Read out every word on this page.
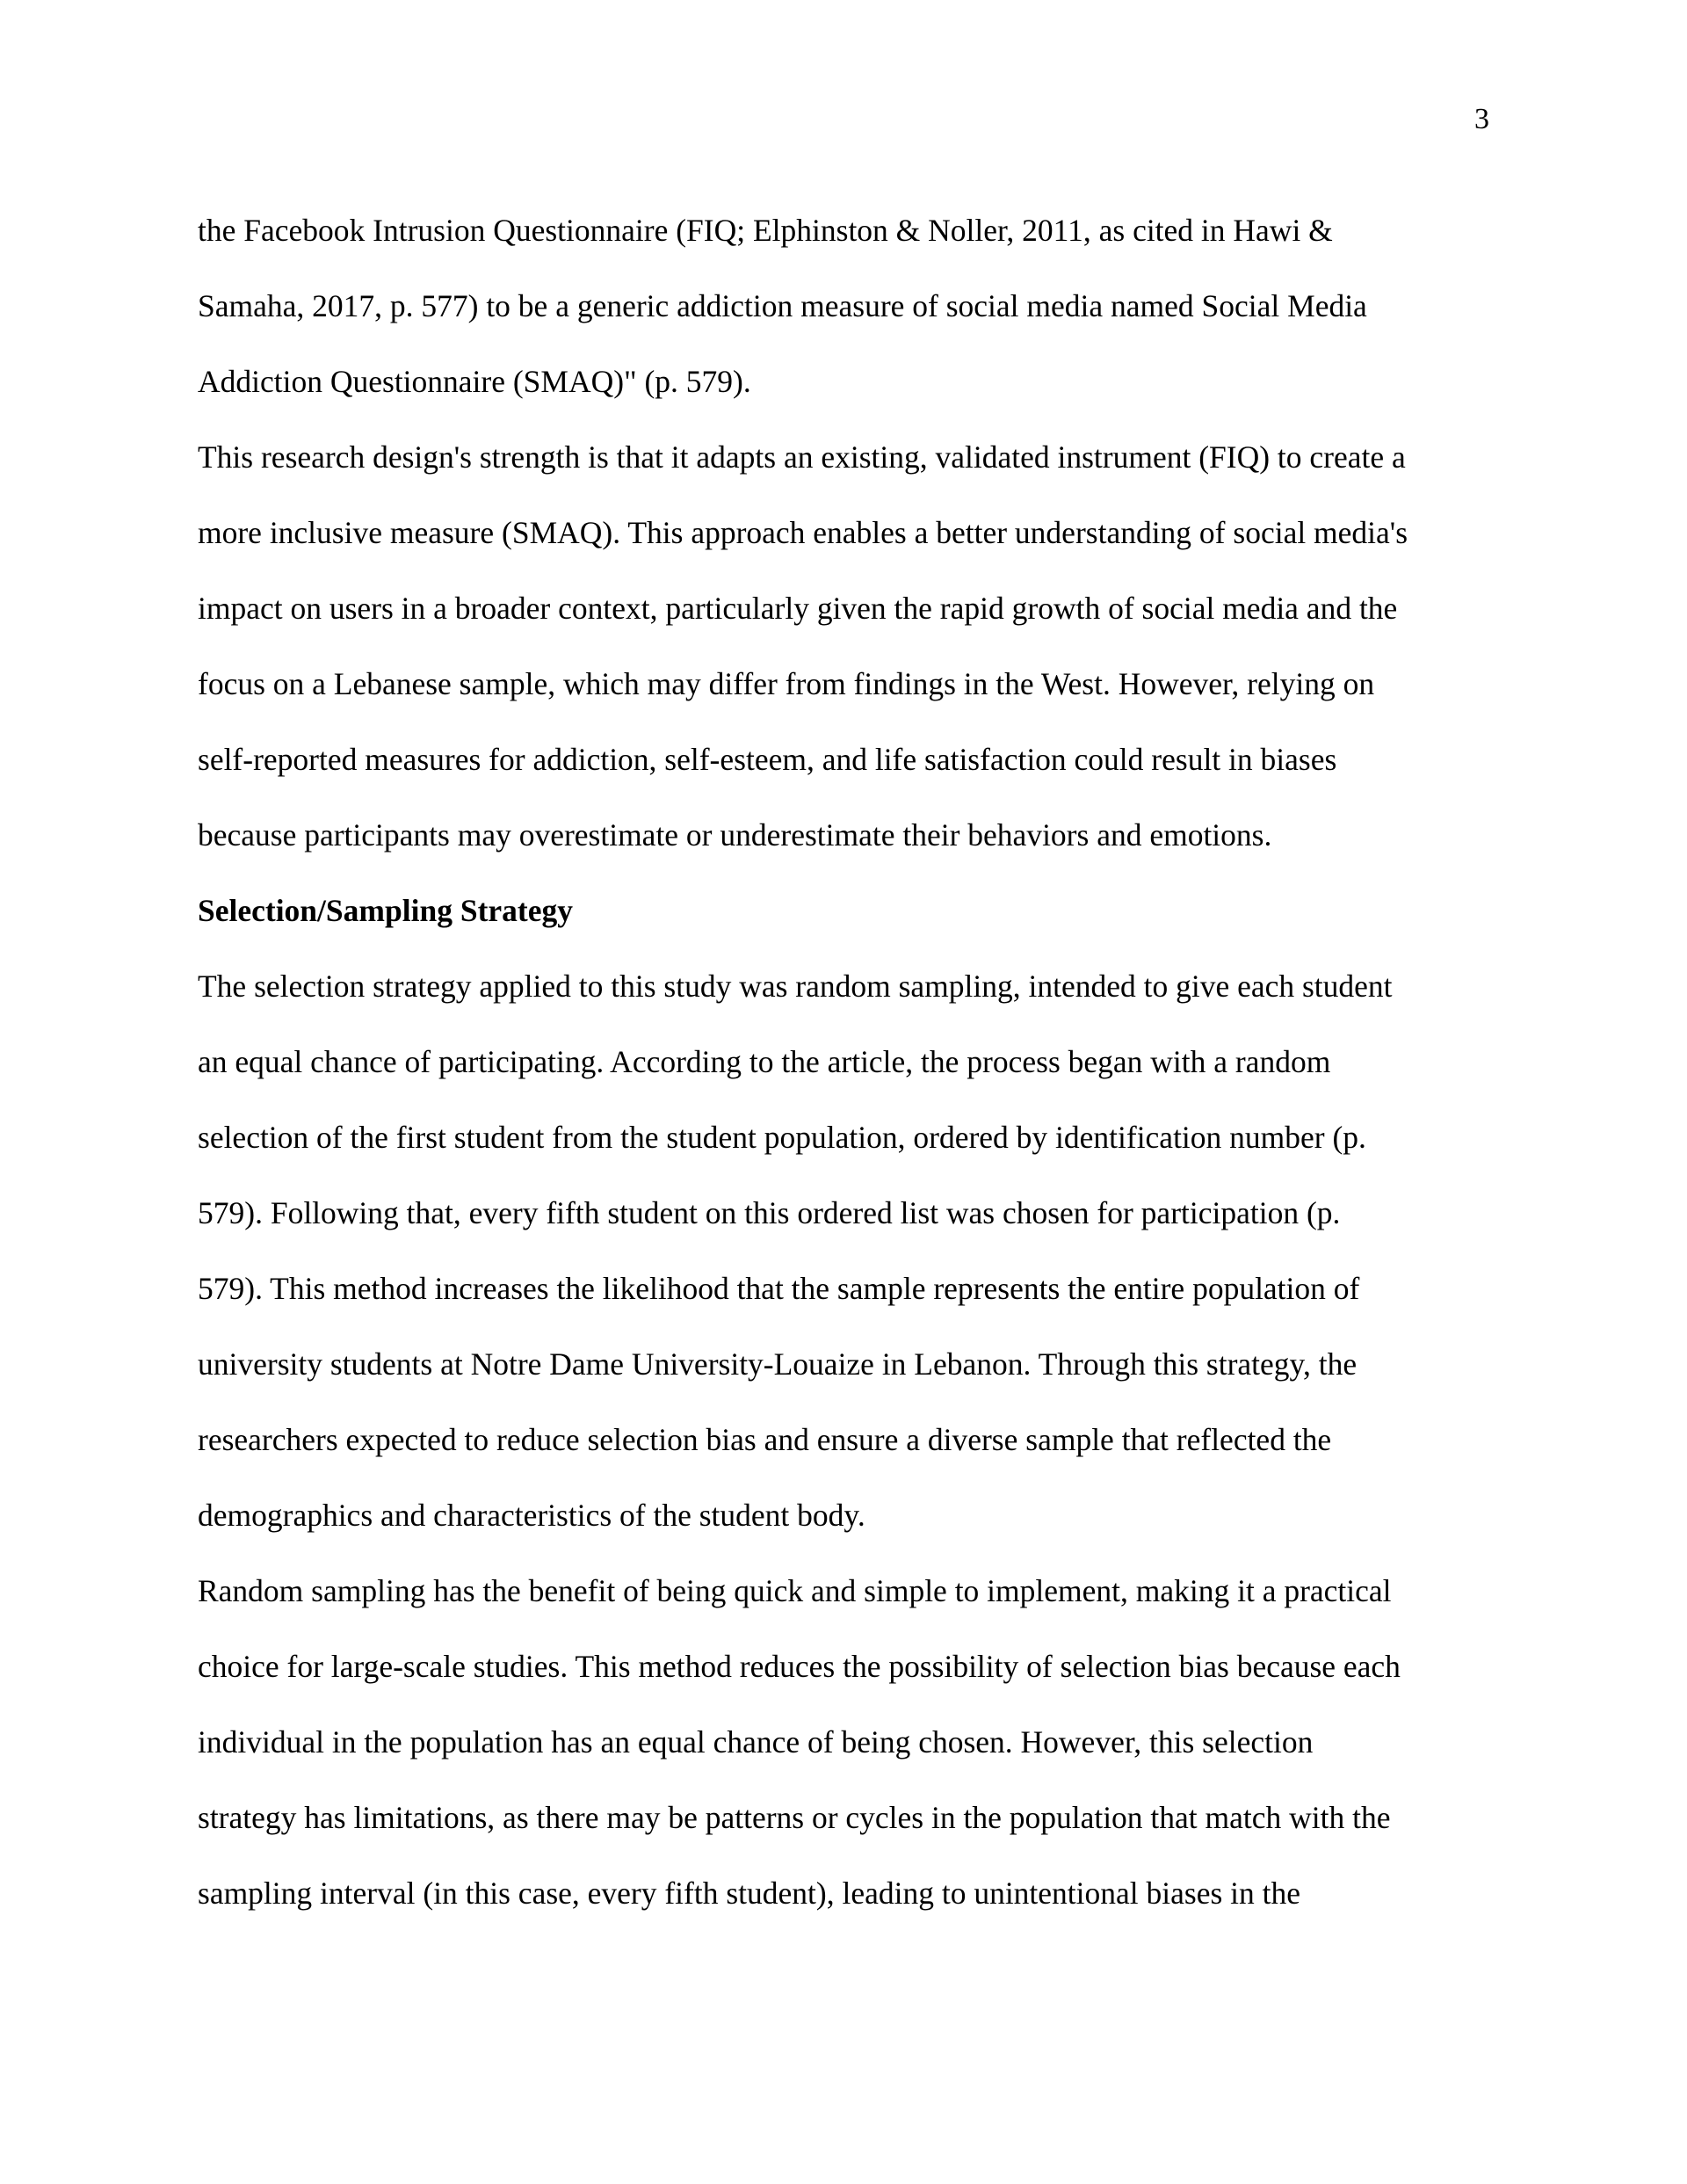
3
the Facebook Intrusion Questionnaire (FIQ; Elphinston & Noller, 2011, as cited in Hawi &
Samaha, 2017, p. 577) to be a generic addiction measure of social media named Social Media
Addiction Questionnaire (SMAQ)" (p. 579).
This research design's strength is that it adapts an existing, validated instrument (FIQ) to create a
more inclusive measure (SMAQ). This approach enables a better understanding of social media's
impact on users in a broader context, particularly given the rapid growth of social media and the
focus on a Lebanese sample, which may differ from findings in the West. However, relying on
self-reported measures for addiction, self-esteem, and life satisfaction could result in biases
because participants may overestimate or underestimate their behaviors and emotions.
Selection/Sampling Strategy
The selection strategy applied to this study was random sampling, intended to give each student
an equal chance of participating. According to the article, the process began with a random
selection of the first student from the student population, ordered by identification number (p.
579). Following that, every fifth student on this ordered list was chosen for participation (p.
579). This method increases the likelihood that the sample represents the entire population of
university students at Notre Dame University-Louaize in Lebanon. Through this strategy, the
researchers expected to reduce selection bias and ensure a diverse sample that reflected the
demographics and characteristics of the student body.
Random sampling has the benefit of being quick and simple to implement, making it a practical
choice for large-scale studies. This method reduces the possibility of selection bias because each
individual in the population has an equal chance of being chosen. However, this selection
strategy has limitations, as there may be patterns or cycles in the population that match with the
sampling interval (in this case, every fifth student), leading to unintentional biases in the
